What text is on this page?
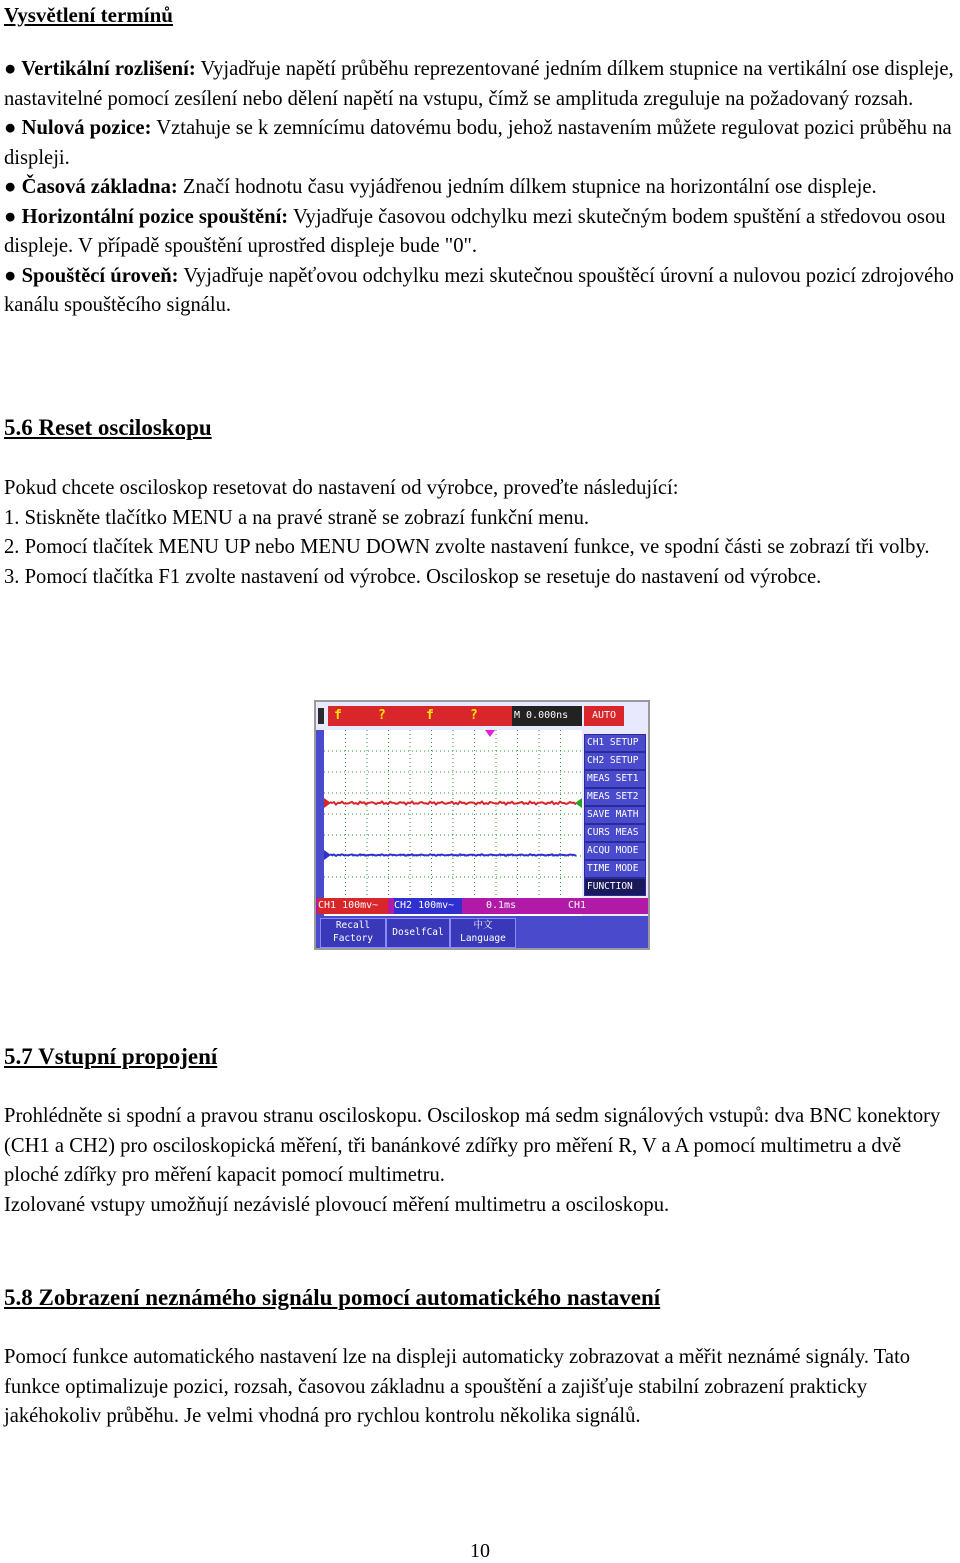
Vysvětlení termínů

● Vertikální rozlišení: Vyjadřuje napětí průběhu reprezentované jedním dílkem stupnice na vertikální ose displeje, nastavitelné pomocí zesílení nebo dělení napětí na vstupu, čímž se amplituda zreguluje na požadovaný rozsah.

● Nulová pozice: Vztahuje se k zemnícímu datovému bodu, jehož nastavením můžete regulovat pozici průběhu na displeji.

● Časová základna: Značí hodnotu času vyjádřenou jedním dílkem stupnice na horizontální ose displeje.

● Horizontální pozice spouštění: Vyjadřuje časovou odchylku mezi skutečným bodem spuštění a středovou osou displeje. V případě spouštění uprostřed displeje bude "0".

● Spouštěcí úroveň: Vyjadřuje napěťovou odchylku mezi skutečnou spouštěcí úrovní a nulovou pozicí zdrojového kanálu spouštěcího signálu.

5.6 Reset osciloskopu

Pokud chcete osciloskop resetovat do nastavení od výrobce, proveďte následující:

1. Stiskněte tlačítko MENU a na pravé straně se zobrazí funkční menu.

2. Pomocí tlačítek MENU UP nebo MENU DOWN zvolte nastavení funkce, ve spodní části se zobrazí tři volby.

3. Pomocí tlačítka F1 zvolte nastavení od výrobce. Osciloskop se resetuje do nastavení od výrobce.

5.7 Vstupní propojení

Prohlédněte si spodní a pravou stranu osciloskopu. Osciloskop má sedm signálových vstupů: dva BNC konektory (CH1 a CH2) pro osciloskopická měření, tři banánkové zdířky pro měření R, V a A pomocí multimetru a dvě ploché zdířky pro měření kapacit pomocí multimetru.

Izolované vstupy umožňují nezávislé plovoucí měření multimetru a osciloskopu.

5.8 Zobrazení neznámého signálu pomocí automatického nastavení

Pomocí funkce automatického nastavení lze na displeji automaticky zobrazovat a měřit neznámé signály. Tato funkce optimalizuje pozici, rozsah, časovou základnu a spouštění a zajišťuje stabilní zobrazení prakticky jakéhokoliv průběhu. Je velmi vhodná pro rychlou kontrolu několika signálů.

f	?	f	?	M 0.000ns	AUTO
CH1 SETUP
CH2 SETUP
MEAS SET1
MEAS SET2
SAVE MATH
CURS MEAS
ACQU MODE
TIME MODE
FUNCTION
CH1 100mv~	CH2 100mv~	0.1ms	CH1
Recall Factory
DoselfCal
中文
Language
10
